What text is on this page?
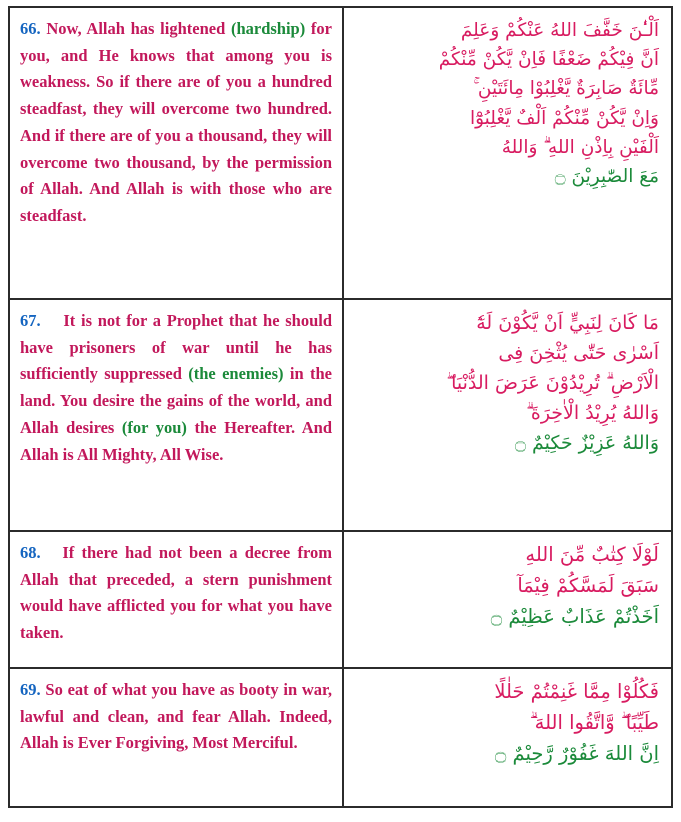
66. Now, Allah has lightened (hardship) for you, and He knows that among you is weakness. So if there are of you a hundred steadfast, they will overcome two hundred. And if there are of you a thousand, they will overcome two thousand, by the permission of Allah. And Allah is with those who are steadfast.
اَلْـٰٔنَ خَفَّفَ اللهُ عَنْكُمْ وَعَلِمَ
اَنَّ فِيْكُمْ ضَعْفًا فَاِنْ يَّكُنْ مِّنْكُمْ
مِّائَةٌ صَابِرَةٌ يَّغْلِبُوْا مِائَتَيْنِ ۚ
وَاِنْ يَّكُنْ مِّنْكُمْ اَلْفٌ يَّغْلِبُوْٓا
اَلْفَيْنِ بِاِذْنِ اللهِ ۗ وَاللهُ
مَعَ الصّٰبِرِيْنَ ۝
67. It is not for a Prophet that he should have prisoners of war until he has sufficiently suppressed (the enemies) in the land. You desire the gains of the world, and Allah desires (for you) the Hereafter. And Allah is All Mighty, All Wise.
مَا كَانَ لِنَبِيٍّ اَنْ يَّكُوْنَ لَهٗٓ
اَسْرٰى حَتّٰى يُثْخِنَ فِى
الْاَرْضِ ۗ تُرِيْدُوْنَ عَرَضَ الدُّنْيَا ۖ
وَاللهُ يُرِيْدُ الْاٰخِرَةَ ۗ
وَاللهُ عَزِيْزٌ حَكِيْمٌ ۝
68. If there had not been a decree from Allah that preceded, a stern punishment would have afflicted you for what you have taken.
لَوْلَا كِتٰبٌ مِّنَ اللهِ
سَبَقَ لَمَسَّكُمْ فِيْمَآ
اَخَذْتُمْ عَذَابٌ عَظِيْمٌ ۝
69. So eat of what you have as booty in war, lawful and clean, and fear Allah. Indeed, Allah is Ever Forgiving, Most Merciful.
فَكُلُوْا مِمَّا غَنِمْتُمْ حَلٰلًا
طَيِّبًا ۖ وَّاتَّقُوا اللهَ ۗ
اِنَّ اللهَ غَفُوْرٌ رَّحِيْمٌ ۝
